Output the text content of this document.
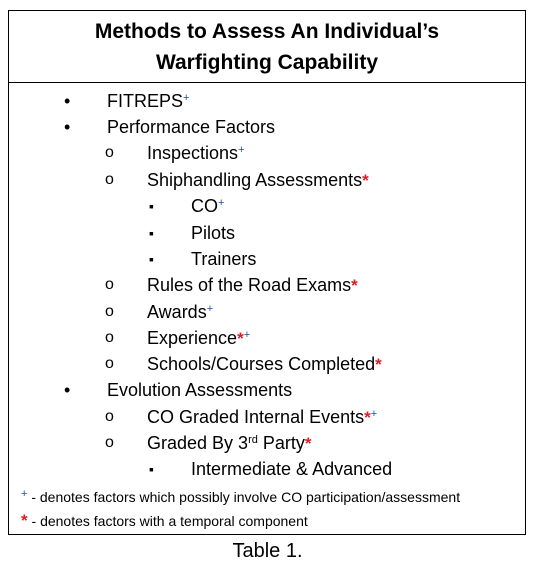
Methods to Assess An Individual’s
Warfighting Capability
• FITREPS+
• Performance Factors
o Inspections+
o Shiphandling Assessments*
▪ CO+
▪ Pilots
▪ Trainers
o Rules of the Road Exams*
o Awards+
o Experience*+
o Schools/Courses Completed*
• Evolution Assessments
o CO Graded Internal Events*+
o Graded By 3rd Party*
▪ Intermediate & Advanced
+ - denotes factors which possibly involve CO participation/assessment
* - denotes factors with a temporal component
Table 1.
